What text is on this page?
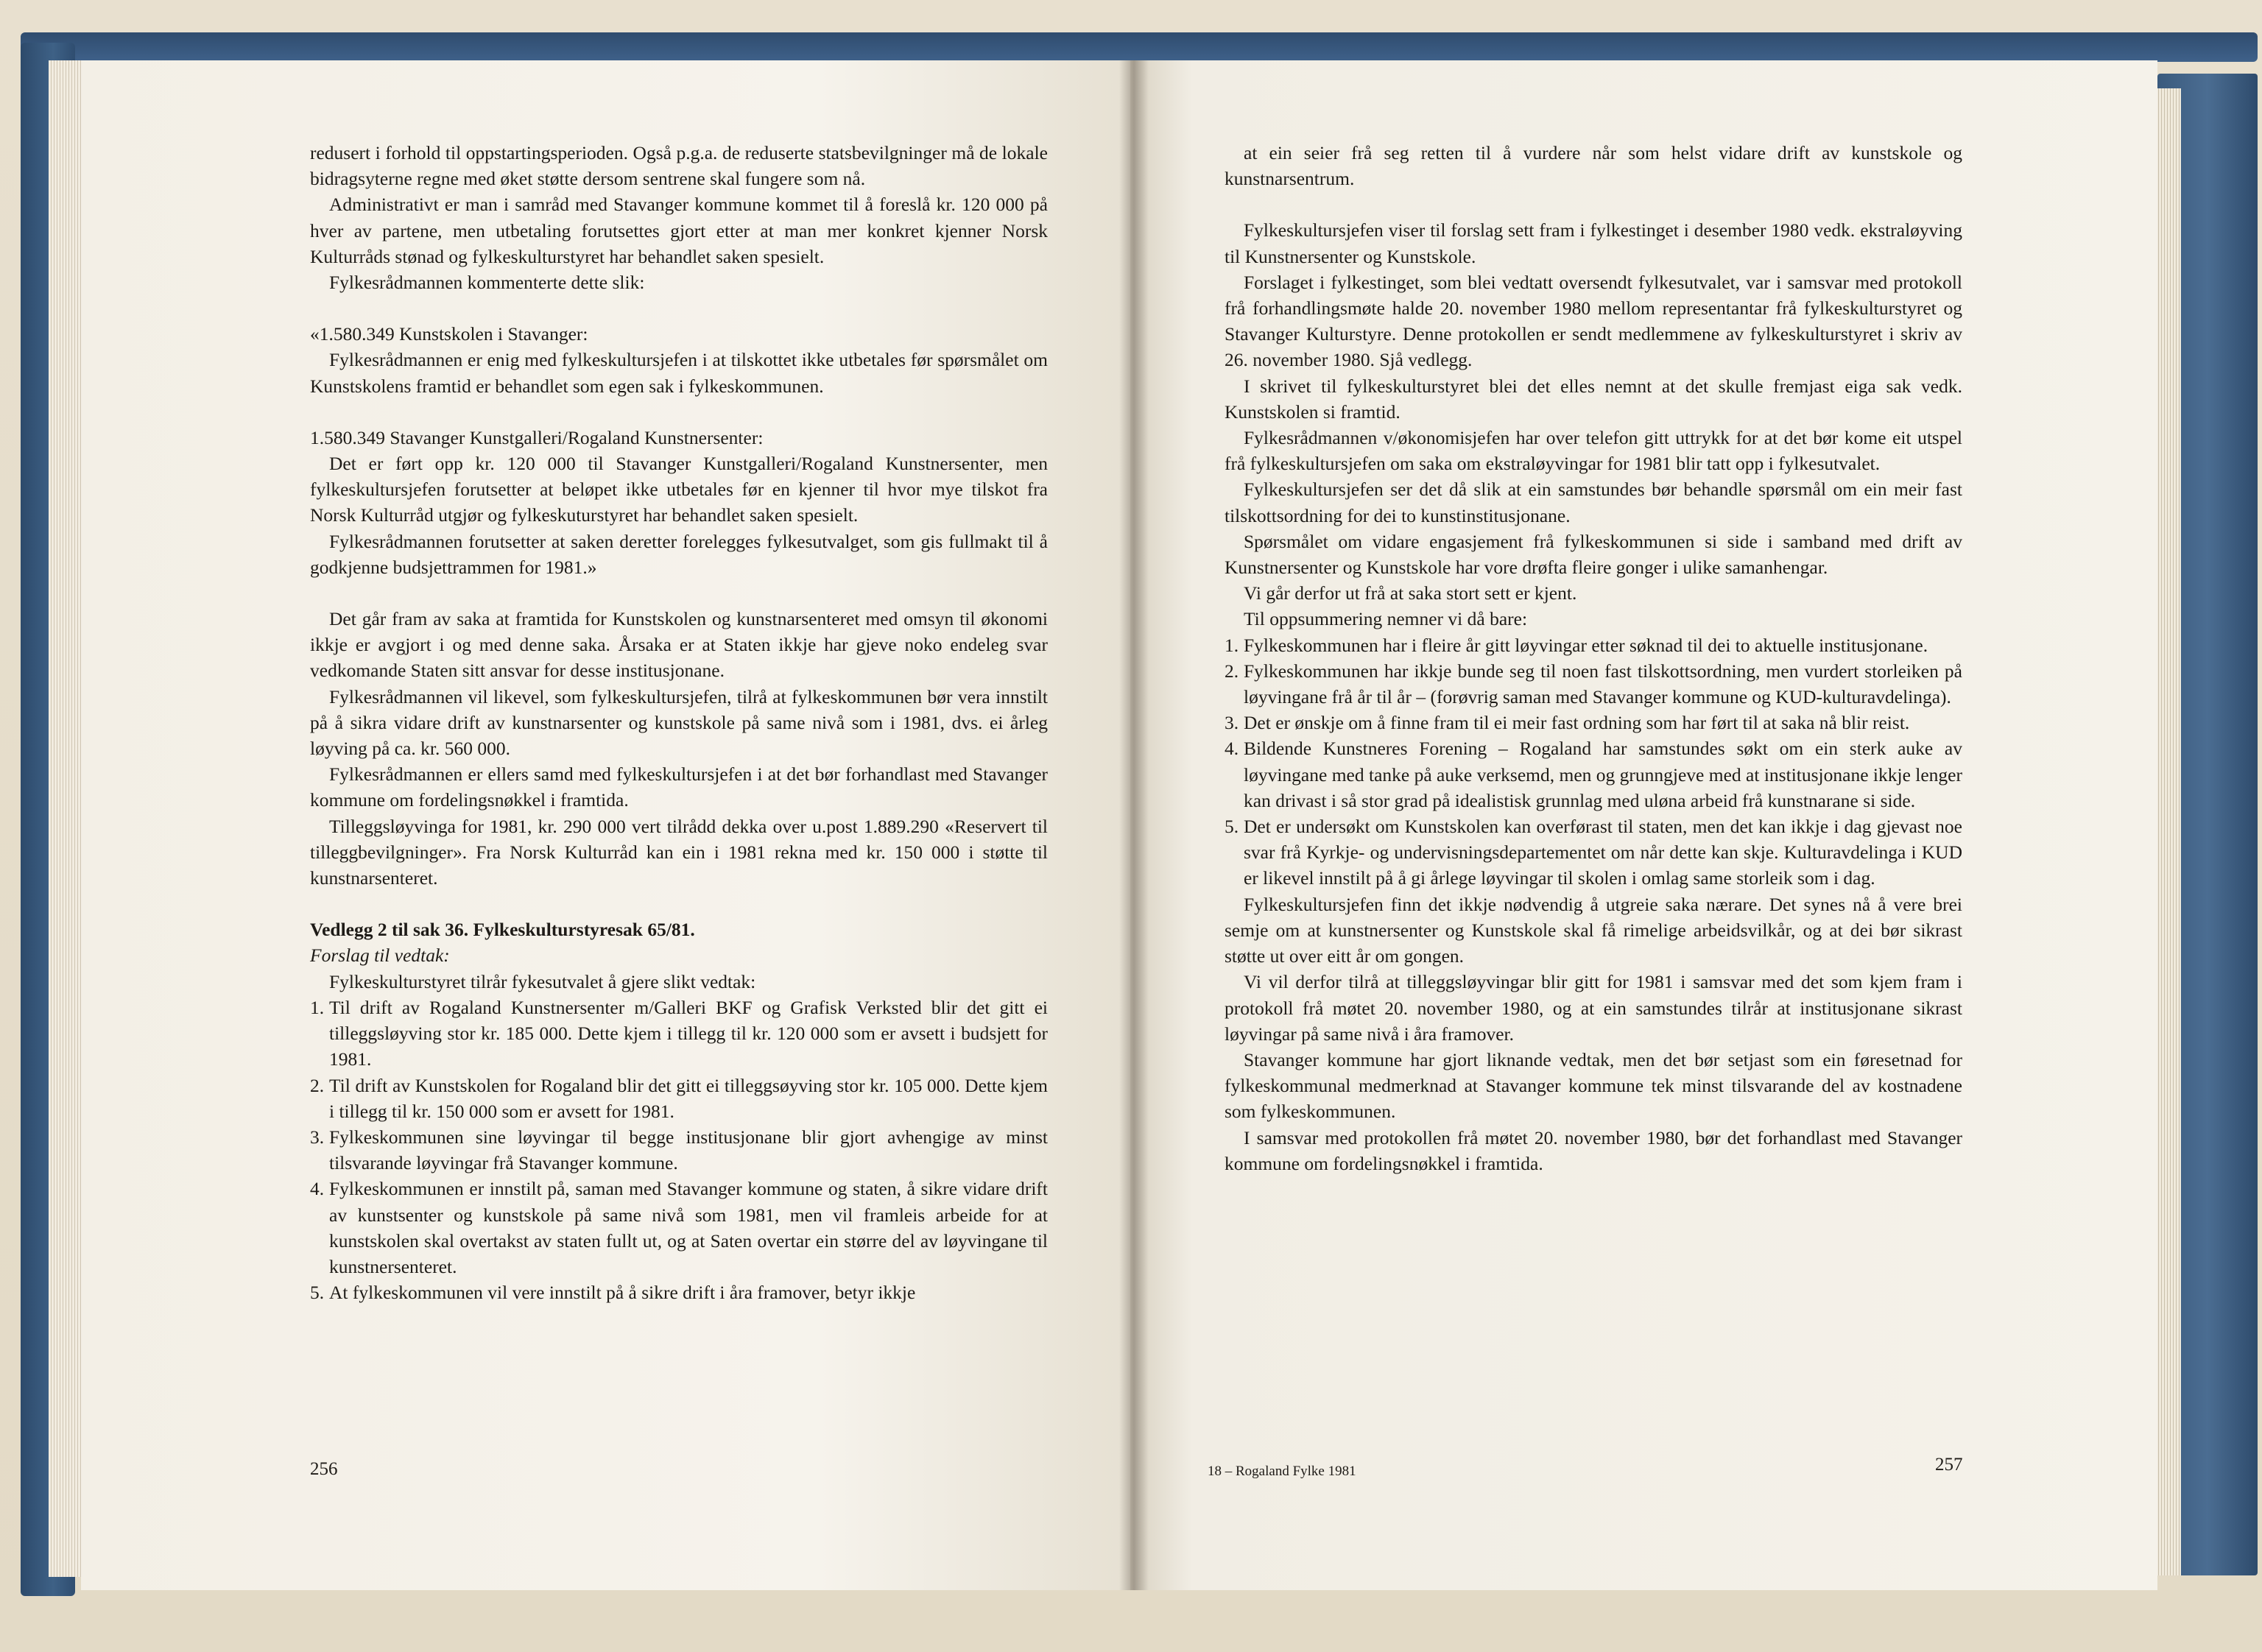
redusert i forhold til oppstartingsperioden. Også p.g.a. de reduserte statsbevilgninger må de lokale bidragsyterne regne med øket støtte dersom sentrene skal fungere som nå.

Administrativt er man i samråd med Stavanger kommune kommet til å foreslå kr. 120 000 på hver av partene, men utbetaling forutsettes gjort etter at man mer konkret kjenner Norsk Kulturråds stønad og fylkeskulturstyret har behandlet saken spesielt.

Fylkesrådmannen kommenterte dette slik:

«1.580.349 Kunstskolen i Stavanger:

Fylkesrådmannen er enig med fylkeskultursjefen i at tilskottet ikke utbetales før spørsmålet om Kunstskolens framtid er behandlet som egen sak i fylkeskommunen.

1.580.349 Stavanger Kunstgalleri/Rogaland Kunstnersenter:

Det er ført opp kr. 120 000 til Stavanger Kunstgalleri/Rogaland Kunstnersenter, men fylkeskultursjefen forutsetter at beløpet ikke utbetales før en kjenner til hvor mye tilskot fra Norsk Kulturråd utgjør og fylkeskuturstyret har behandlet saken spesielt.

Fylkesrådmannen forutsetter at saken deretter forelegges fylkesutvalget, som gis fullmakt til å godkjenne budsjettrammen for 1981.»

Det går fram av saka at framtida for Kunstskolen og kunstnarsenteret med omsyn til økonomi ikkje er avgjort i og med denne saka. Årsaka er at Staten ikkje har gjeve noko endeleg svar vedkomande Staten sitt ansvar for desse institusjonane.

Fylkesrådmannen vil likevel, som fylkeskultursjefen, tilrå at fylkeskommunen bør vera innstilt på å sikra vidare drift av kunstnarsenter og kunstskole på same nivå som i 1981, dvs. ei årleg løyving på ca. kr. 560 000.

Fylkesrådmannen er ellers samd med fylkeskultursjefen i at det bør forhandlast med Stavanger kommune om fordelingsnøkkel i framtida.

Tilleggsløyvinga for 1981, kr. 290 000 vert tilrådd dekka over u.post 1.889.290 «Reservert til tilleggbevilgninger». Fra Norsk Kulturråd kan ein i 1981 rekna med kr. 150 000 i støtte til kunstnarsenteret.

Vedlegg 2 til sak 36. Fylkeskulturstyresak 65/81.

Forslag til vedtak:

Fylkeskulturstyret tilrår fykesutvalet å gjere slikt vedtak:

1. Til drift av Rogaland Kunstnersenter m/Galleri BKF og Grafisk Verksted blir det gitt ei tilleggsløyving stor kr. 185 000. Dette kjem i tillegg til kr. 120 000 som er avsett i budsjett for 1981.
2. Til drift av Kunstskolen for Rogaland blir det gitt ei tilleggsøyving stor kr. 105 000. Dette kjem i tillegg til kr. 150 000 som er avsett for 1981.
3. Fylkeskommunen sine løyvingar til begge institusjonane blir gjort avhengige av minst tilsvarande løyvingar frå Stavanger kommune.
4. Fylkeskommunen er innstilt på, saman med Stavanger kommune og staten, å sikre vidare drift av kunstsenter og kunstskole på same nivå som 1981, men vil framleis arbeide for at kunstskolen skal overtakst av staten fullt ut, og at Saten overtar ein større del av løyvingane til kunstnersenteret.
5. At fylkeskommunen vil vere innstilt på å sikre drift i åra framover, betyr ikkje
256

at ein seier frå seg retten til å vurdere når som helst vidare drift av kunstskole og kunstnarsentrum.

Fylkeskultursjefen viser til forslag sett fram i fylkestinget i desember 1980 vedk. ekstraløyving til Kunstnersenter og Kunstskole.

Forslaget i fylkestinget, som blei vedtatt oversendt fylkesutvalet, var i samsvar med protokoll frå forhandlingsmøte halde 20. november 1980 mellom representantar frå fylkeskulturstyret og Stavanger Kulturstyre. Denne protokollen er sendt medlemmene av fylkeskulturstyret i skriv av 26. november 1980. Sjå vedlegg.

I skrivet til fylkeskulturstyret blei det elles nemnt at det skulle fremjast eiga sak vedk. Kunstskolen si framtid.

Fylkesrådmannen v/økonomisjefen har over telefon gitt uttrykk for at det bør kome eit utspel frå fylkeskultursjefen om saka om ekstraløyvingar for 1981 blir tatt opp i fylkesutvalet.

Fylkeskultursjefen ser det då slik at ein samstundes bør behandle spørsmål om ein meir fast tilskottsordning for dei to kunstinstitusjonane.

Spørsmålet om vidare engasjement frå fylkeskommunen si side i samband med drift av Kunstnersenter og Kunstskole har vore drøfta fleire gonger i ulike samanhengar.

Vi går derfor ut frå at saka stort sett er kjent.

Til oppsummering nemner vi då bare:

1. Fylkeskommunen har i fleire år gitt løyvingar etter søknad til dei to aktuelle institusjonane.
2. Fylkeskommunen har ikkje bunde seg til noen fast tilskottsordning, men vurdert storleiken på løyvingane frå år til år – (forøvrig saman med Stavanger kommune og KUD-kulturavdelinga).
3. Det er ønskje om å finne fram til ei meir fast ordning som har ført til at saka nå blir reist.
4. Bildende Kunstneres Forening – Rogaland har samstundes søkt om ein sterk auke av løyvingane med tanke på auke verksemd, men og grunngjeve med at institusjonane ikkje lenger kan drivast i så stor grad på idealistisk grunnlag med uløna arbeid frå kunstnarane si side.
5. Det er undersøkt om Kunstskolen kan overførast til staten, men det kan ikkje i dag gjevast noe svar frå Kyrkje- og undervisningsdepartementet om når dette kan skje. Kulturavdelinga i KUD er likevel innstilt på å gi årlege løyvingar til skolen i omlag same storleik som i dag.

Fylkeskultursjefen finn det ikkje nødvendig å utgreie saka nærare. Det synes nå å vere brei semje om at kunstnersenter og Kunstskole skal få rimelige arbeidsvilkår, og at dei bør sikrast støtte ut over eitt år om gongen.

Vi vil derfor tilrå at tilleggsløyvingar blir gitt for 1981 i samsvar med det som kjem fram i protokoll frå møtet 20. november 1980, og at ein samstundes tilrår at institusjonane sikrast løyvingar på same nivå i åra framover.

Stavanger kommune har gjort liknande vedtak, men det bør setjast som ein føresetnad for fylkeskommunal medmerknad at Stavanger kommune tek minst tilsvarande del av kostnadene som fylkeskommunen.

I samsvar med protokollen frå møtet 20. november 1980, bør det forhandlast med Stavanger kommune om fordelingsnøkkel i framtida.

18 – Rogaland Fylke 1981	257
